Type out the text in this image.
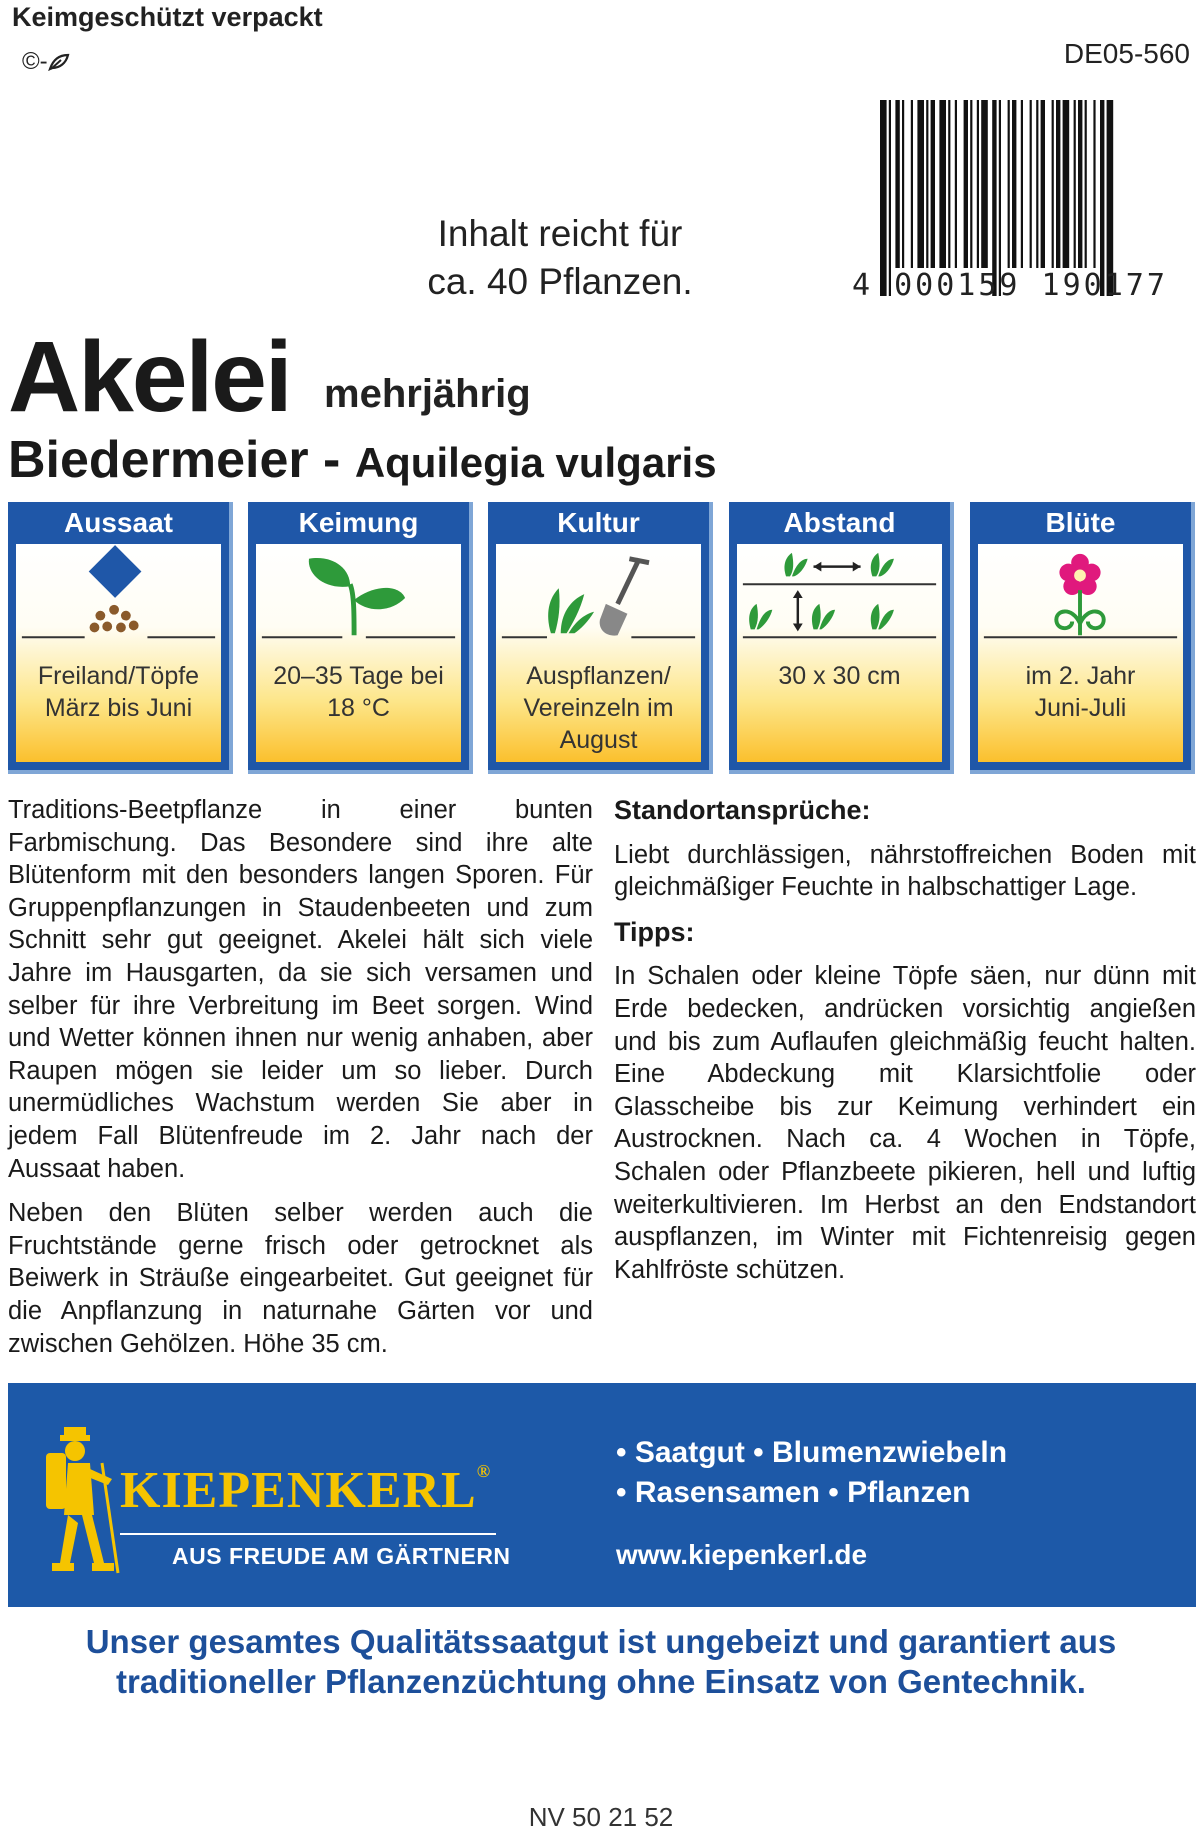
Keimgeschützt verpackt
©-	DE05-560
4 000159 190177
Inhalt reicht für
ca. 40 Pflanzen.
Akelei mehrjährig
Biedermeier - Aquilegia vulgaris
Aussaat
Freiland/Töpfe
März bis Juni
Keimung
20–35 Tage bei
18 °C
Kultur
Auspflanzen/
Vereinzeln im
August
Abstand
30 x 30 cm
Blüte
im 2. Jahr
Juni-Juli

Traditions-Beetpflanze in einer bunten Farbmischung. Das Besondere sind ihre alte Blütenform mit den besonders langen Sporen. Für Gruppenpflanzungen in Staudenbeeten und zum Schnitt sehr gut geeignet. Akelei hält sich viele Jahre im Hausgarten, da sie sich versamen und selber für ihre Verbreitung im Beet sorgen. Wind und Wetter können ihnen nur wenig anhaben, aber Raupen mögen sie leider um so lieber. Durch unermüdliches Wachstum werden Sie aber in jedem Fall Blütenfreude im 2. Jahr nach der Aussaat haben.

Neben den Blüten selber werden auch die Fruchtstände gerne frisch oder getrocknet als Beiwerk in Sträuße eingearbeitet. Gut geeignet für die Anpflanzung in naturnahe Gärten vor und zwischen Gehölzen. Höhe 35 cm.

Standortansprüche:

Liebt durchlässigen, nährstoffreichen Boden mit gleichmäßiger Feuchte in halbschattiger Lage.

Tipps:

In Schalen oder kleine Töpfe säen, nur dünn mit Erde bedecken, andrücken vorsichtig angießen und bis zum Auflaufen gleichmäßig feucht halten. Eine Abdeckung mit Klarsichtfolie oder Glasscheibe bis zur Keimung verhindert ein Austrocknen. Nach ca. 4 Wochen in Töpfe, Schalen oder Pflanzbeete pikieren, hell und luftig weiterkultivieren. Im Herbst an den Endstandort auspflanzen, im Winter mit Fichtenreisig gegen Kahlfröste schützen.

KIEPENKERL®
AUS FREUDE AM GÄRTNERN
• Saatgut • Blumenzwiebeln
• Rasensamen • Pflanzen
www.kiepenkerl.de
Unser gesamtes Qualitätssaatgut ist ungebeizt und garantiert aus traditioneller Pflanzenzüchtung ohne Einsatz von Gentechnik.
NV 50 21 52
